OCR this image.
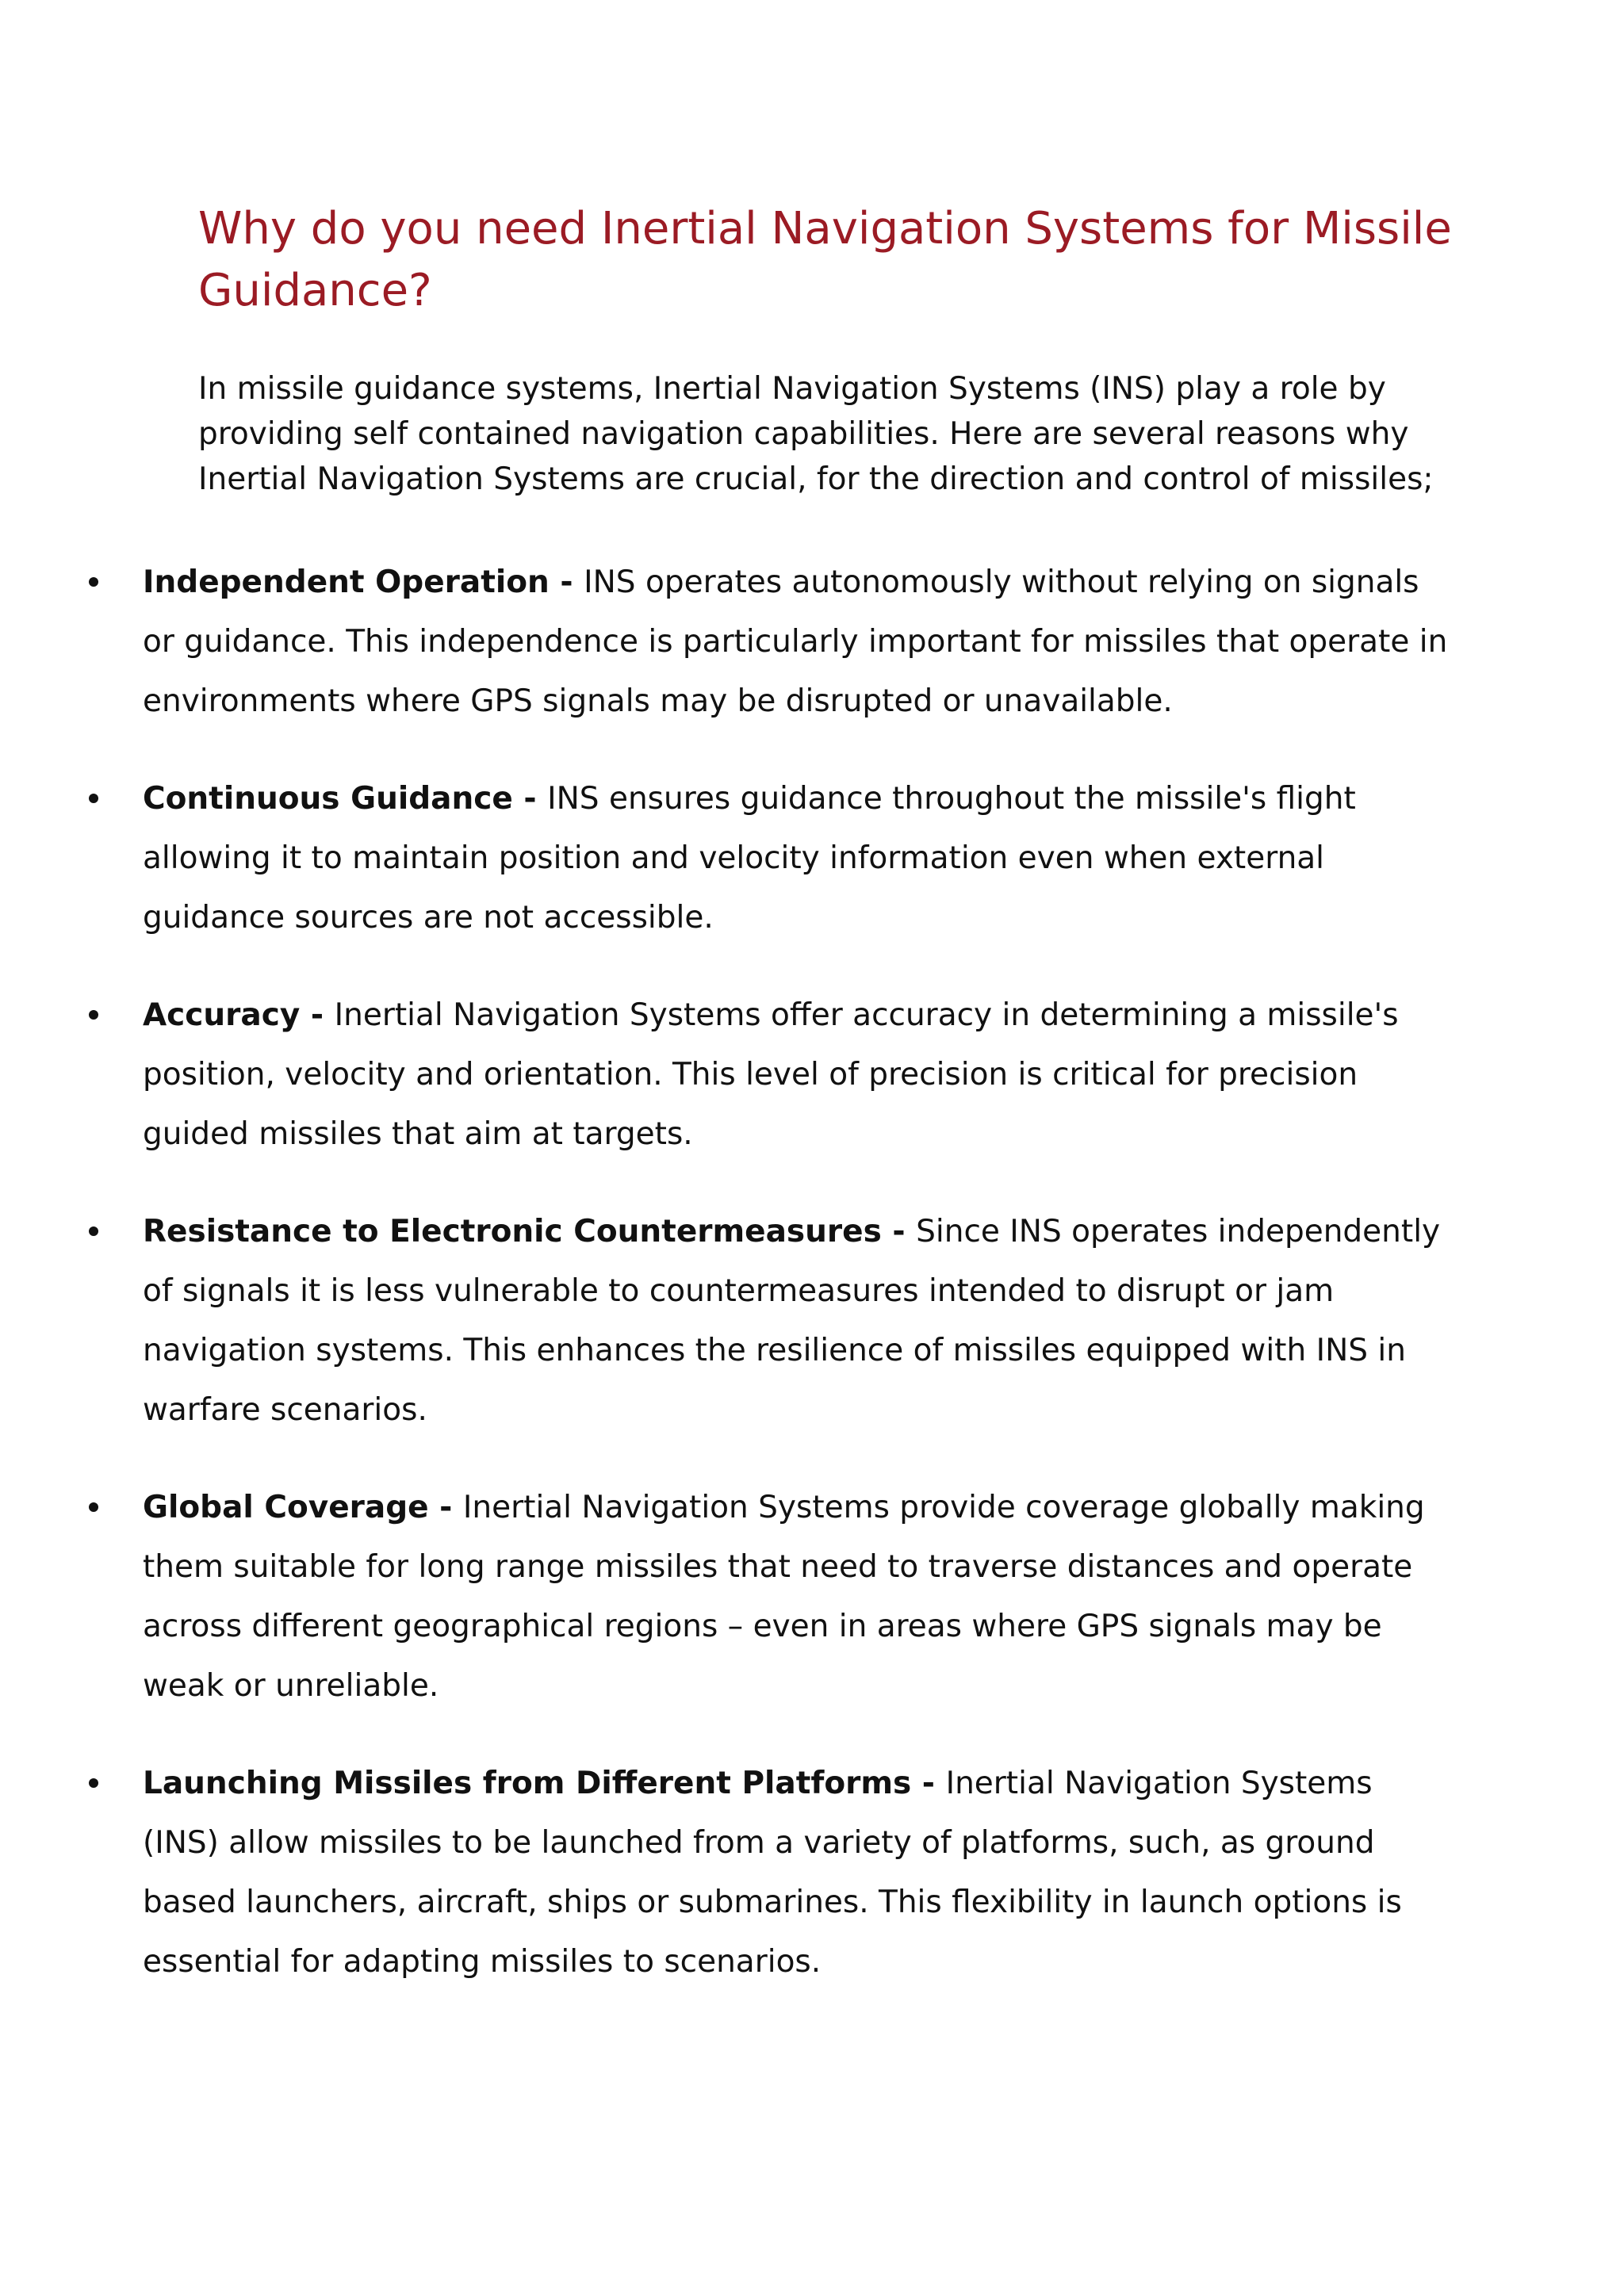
Why do you need Inertial Navigation Systems for Missile Guidance?

In missile guidance systems, Inertial Navigation Systems (INS) play a role by providing self contained navigation capabilities. Here are several reasons why Inertial Navigation Systems are crucial, for the direction and control of missiles;

Independent Operation - INS operates autonomously without relying on signals or guidance. This independence is particularly important for missiles that operate in environments where GPS signals may be disrupted or unavailable.
Continuous Guidance - INS ensures guidance throughout the missile's flight allowing it to maintain position and velocity information even when external guidance sources are not accessible.
Accuracy - Inertial Navigation Systems offer accuracy in determining a missile's position, velocity and orientation. This level of precision is critical for precision guided missiles that aim at targets.
Resistance to Electronic Countermeasures - Since INS operates independently of signals it is less vulnerable to countermeasures intended to disrupt or jam navigation systems. This enhances the resilience of missiles equipped with INS in warfare scenarios.
Global Coverage - Inertial Navigation Systems provide coverage globally making them suitable for long range missiles that need to traverse distances and operate across different geographical regions – even in areas where GPS signals may be weak or unreliable.
Launching Missiles from Different Platforms - Inertial Navigation Systems (INS) allow missiles to be launched from a variety of platforms, such, as ground based launchers, aircraft, ships or submarines. This flexibility in launch options is essential for adapting missiles to scenarios.
